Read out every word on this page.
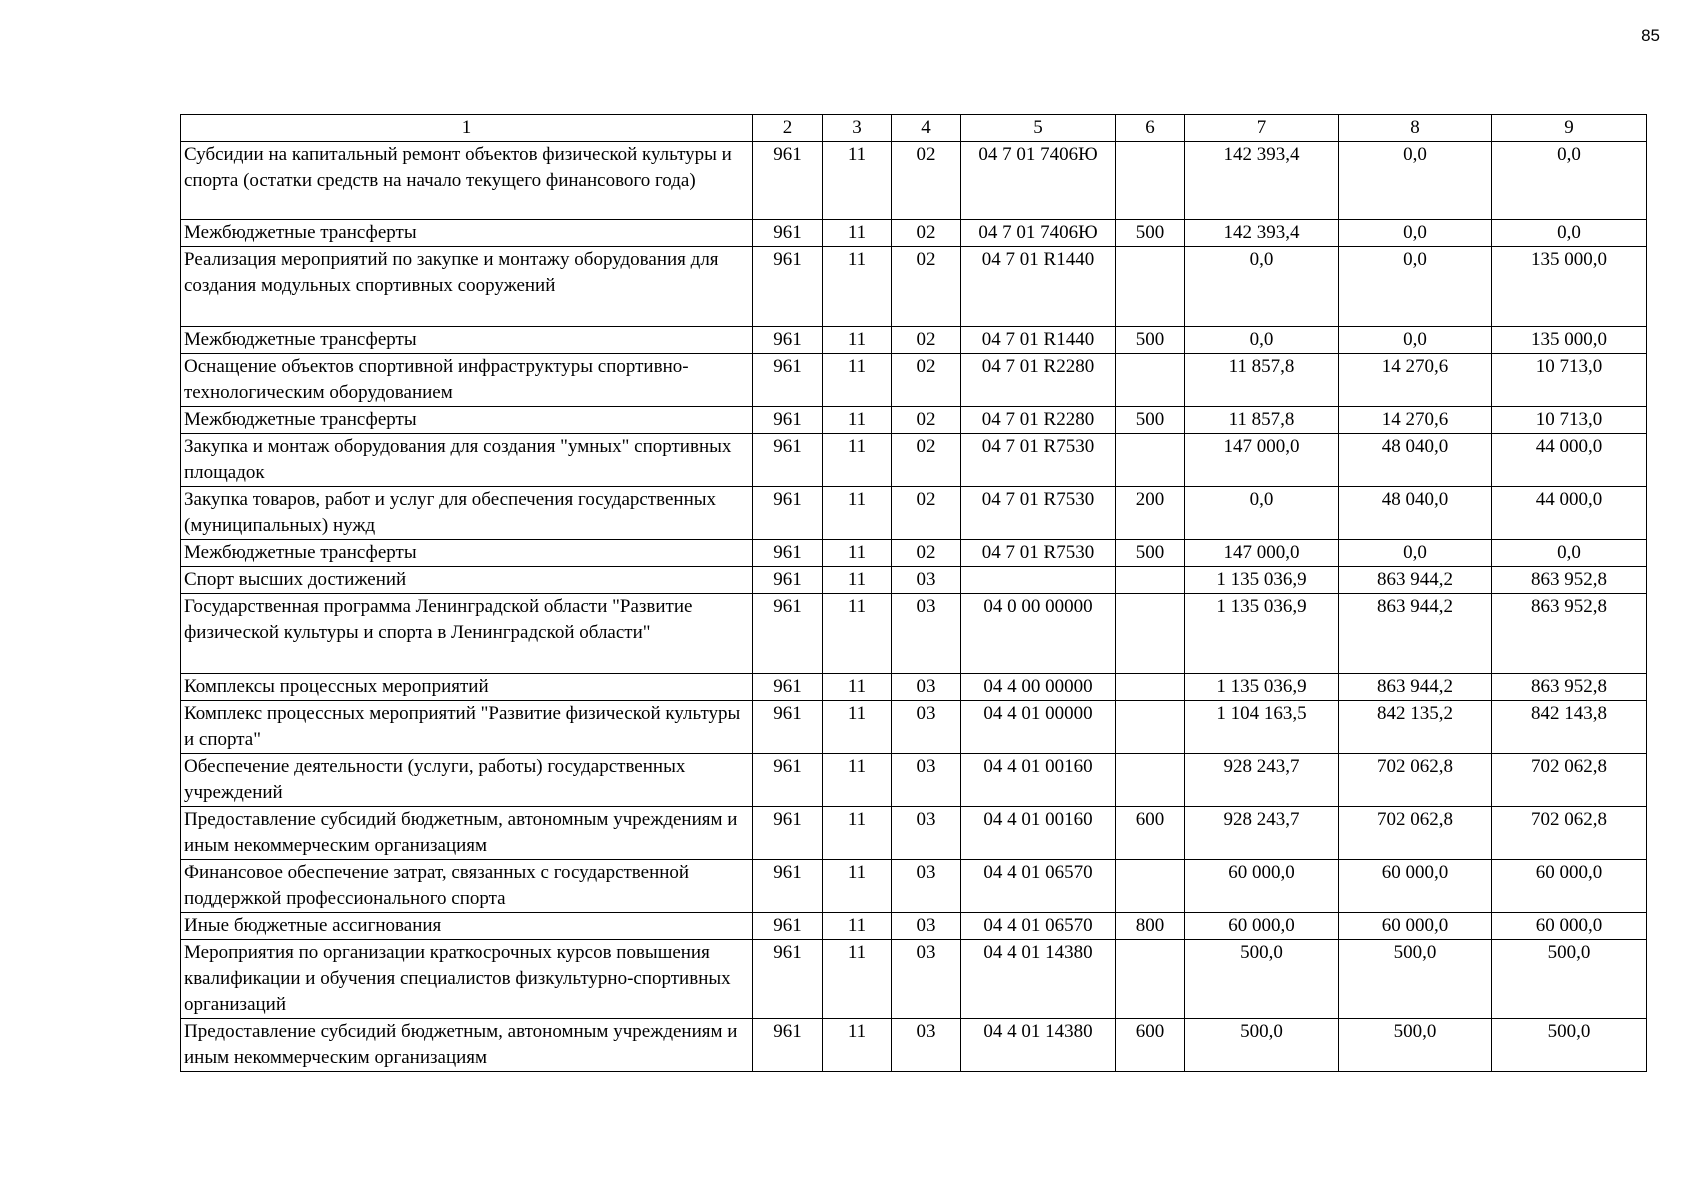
85
1	2	3	4	5	6	7	8	9
Субсидии на капитальный ремонт объектов физической культуры и спорта (остатки средств на начало текущего финансового года)	961	11	02	04 7 01 7406Ю		142 393,4	0,0	0,0
Межбюджетные трансферты	961	11	02	04 7 01 7406Ю	500	142 393,4	0,0	0,0
Реализация мероприятий по закупке и монтажу оборудования для создания модульных спортивных сооружений	961	11	02	04 7 01 R1440		0,0	0,0	135 000,0
Межбюджетные трансферты	961	11	02	04 7 01 R1440	500	0,0	0,0	135 000,0
Оснащение объектов спортивной инфраструктуры спортивно-технологическим оборудованием	961	11	02	04 7 01 R2280		11 857,8	14 270,6	10 713,0
Межбюджетные трансферты	961	11	02	04 7 01 R2280	500	11 857,8	14 270,6	10 713,0
Закупка и монтаж оборудования для создания "умных" спортивных площадок	961	11	02	04 7 01 R7530		147 000,0	48 040,0	44 000,0
Закупка товаров, работ и услуг для обеспечения государственных (муниципальных) нужд	961	11	02	04 7 01 R7530	200	0,0	48 040,0	44 000,0
Межбюджетные трансферты	961	11	02	04 7 01 R7530	500	147 000,0	0,0	0,0
Спорт высших достижений	961	11	03			1 135 036,9	863 944,2	863 952,8
Государственная программа Ленинградской области "Развитие физической культуры и спорта в Ленинградской области"	961	11	03	04 0 00 00000		1 135 036,9	863 944,2	863 952,8
Комплексы процессных мероприятий	961	11	03	04 4 00 00000		1 135 036,9	863 944,2	863 952,8
Комплекс процессных мероприятий "Развитие физической культуры и спорта"	961	11	03	04 4 01 00000		1 104 163,5	842 135,2	842 143,8
Обеспечение деятельности (услуги, работы) государственных учреждений	961	11	03	04 4 01 00160		928 243,7	702 062,8	702 062,8
Предоставление субсидий бюджетным, автономным учреждениям и иным некоммерческим организациям	961	11	03	04 4 01 00160	600	928 243,7	702 062,8	702 062,8
Финансовое обеспечение затрат, связанных с государственной поддержкой профессионального спорта	961	11	03	04 4 01 06570		60 000,0	60 000,0	60 000,0
Иные бюджетные ассигнования	961	11	03	04 4 01 06570	800	60 000,0	60 000,0	60 000,0
Мероприятия по организации краткосрочных курсов повышения квалификации и обучения специалистов физкультурно-спортивных организаций	961	11	03	04 4 01 14380		500,0	500,0	500,0
Предоставление субсидий бюджетным, автономным учреждениям и иным некоммерческим организациям	961	11	03	04 4 01 14380	600	500,0	500,0	500,0
